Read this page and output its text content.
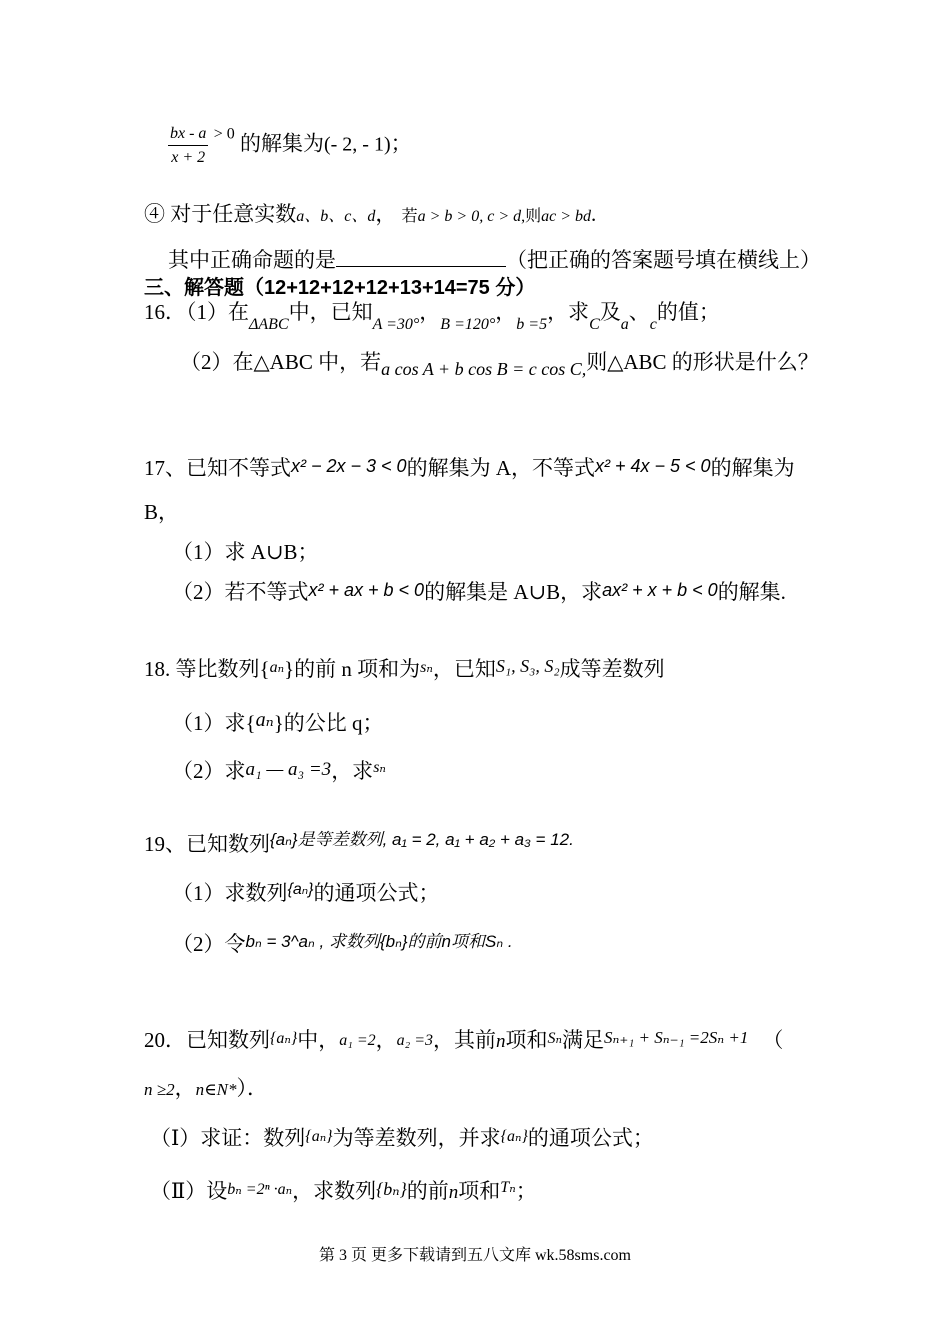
$\frac{bx - a}{x + 2} ^{> 0}$ 的解集为(- 2, - 1)；
④ 对于任意实数a、b、c、d， 若a > b > 0, c > d,则ac > bd.
其中正确命题的是	（把正确的答案题号填在横线上）
三、解答题（12+12+12+12+13+14=75 分）
16．（1）在$_{\Delta ABC}$中，已知$_{A =30^\circ}$，$_{B =120^\circ}$，$_{b =5}$，求$_C$及$_a$、$_c$的值；
（2）在△ABC 中，若a cos A + b cos B = c cos C,则△ABC 的形状是什么？
17、已知不等式x² − 2x − 3 < 0的解集为 A，不等式x² + 4x − 5 < 0的解集为
B，
（1）求 A∪B；
（2）若不等式x² + ax + b < 0的解集是 A∪B，求ax² + x + b < 0的解集.
18. 等比数列{aₙ}的前 n 项和为sₙ，已知S₁, S₃, S₂成等差数列
（1）求{aₙ}的公比 q；
（2）求a₁ — a₃ =3，求$^{s_n}$
19、已知数列$^{\{a_n\}是等差数列, a_1 = 2, a_1 + a_2 + a_3 = 12.}$
（1）求数列$^{\{a_n\}}$的通项公式；
（2）令bₙ = 3^aₙ , 求数列{bₙ}的前n项和Sₙ .
20．已知数列{aₙ}中，a₁ =2，a₂ =3，其前n项和Sₙ满足Sₙ₊₁ + Sₙ₋₁ =2Sₙ +1 （
n ≥2，n∈N*）．
（Ⅰ）求证：数列{aₙ}为等差数列，并求{aₙ}的通项公式；
（Ⅱ）设bₙ =2ⁿ ·aₙ，求数列{bₙ}的前n项和$^{T_n}$；
第 3 页 更多下载请到五八文库 wk.58sms.com
